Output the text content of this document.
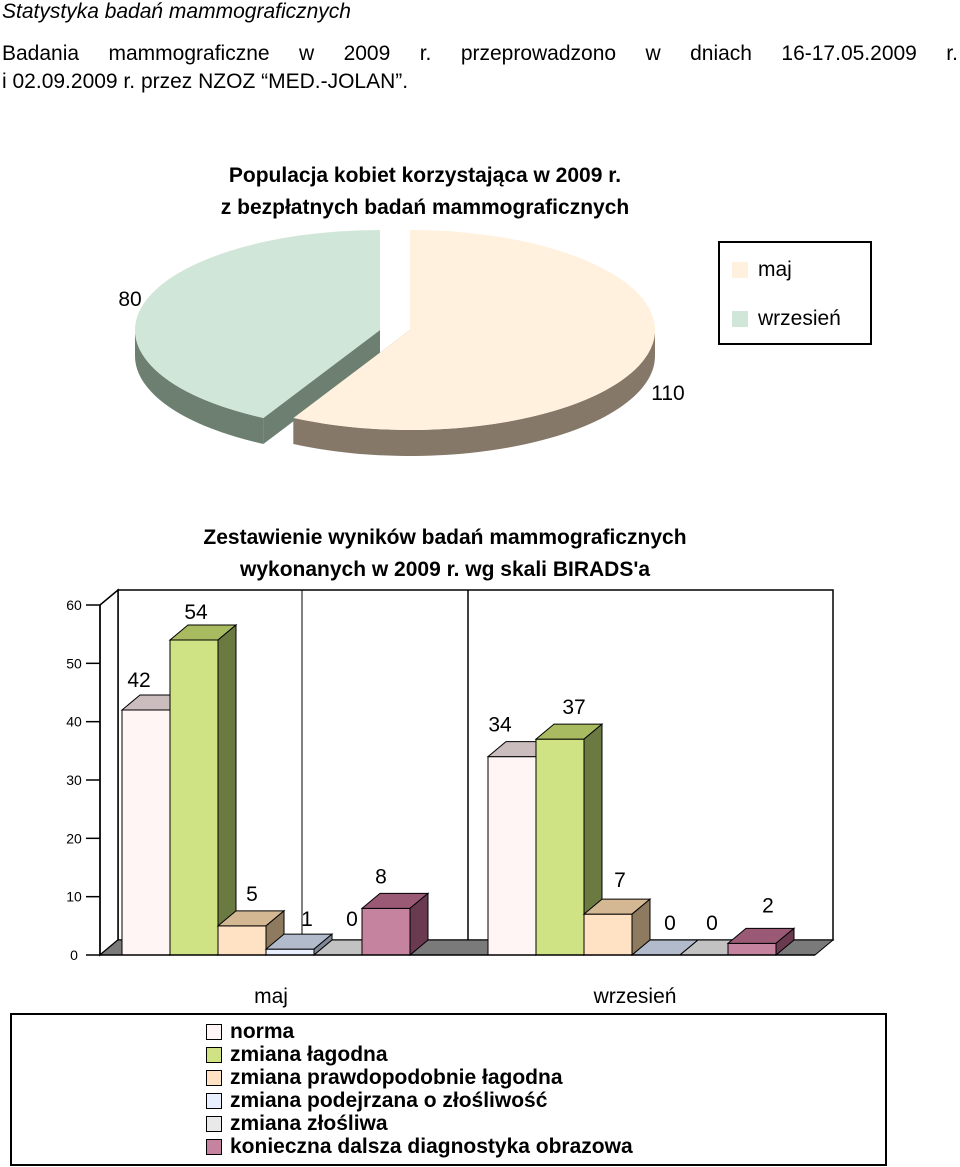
Statystyka badań mammograficznych
Badania mammograficzne w 2009 r. przeprowadzono w dniach 16-17.05.2009 r.
i 02.09.2009 r. przez NZOZ “MED.-JOLAN”.
Populacja kobiet korzystająca w 2009 r.
z bezpłatnych badań mammograficznych
maj
wrzesień
Zestawienie wyników badań mammograficznych
wykonanych w 2009 r. wg skali BIRADS'a
110
80
0
10
20
30
40
50
60
42
54
5
1 0
8
maj
34
37
7
0 0
2
wrzesień
norma
zmiana łagodna
zmiana prawdopodobnie łagodna
zmiana podejrzana o złośliwość
zmiana złośliwa
konieczna dalsza diagnostyka obrazowa
